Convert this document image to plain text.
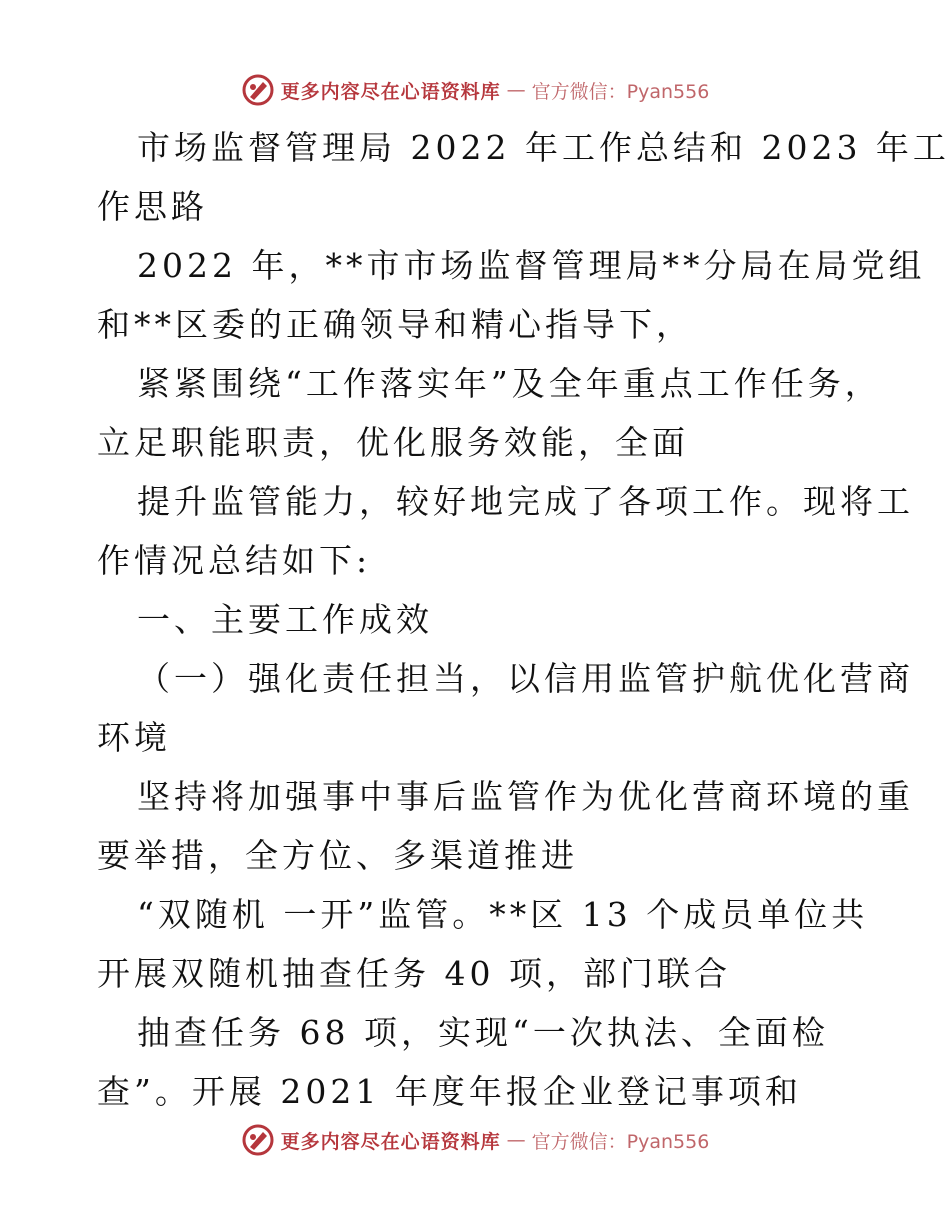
更多内容尽在心语资料库 — 官方微信：Pyan556
市场监督管理局 2022 年工作总结和 2023 年工
作思路
2022 年，**市市场监督管理局**分局在局党组
和**区委的正确领导和精心指导下，
紧紧围绕“工作落实年”及全年重点工作任务，
立足职能职责，优化服务效能，全面
提升监管能力，较好地完成了各项工作。现将工
作情况总结如下:
一、主要工作成效
（一）强化责任担当，以信用监管护航优化营商
环境
坚持将加强事中事后监管作为优化营商环境的重
要举措，全方位、多渠道推进
“双随机 一开”监管。**区 13 个成员单位共
开展双随机抽查任务 40 项，部门联合
抽查任务 68 项，实现“一次执法、全面检
查”。开展 2021 年度年报企业登记事项和
更多内容尽在心语资料库 — 官方微信：Pyan556
